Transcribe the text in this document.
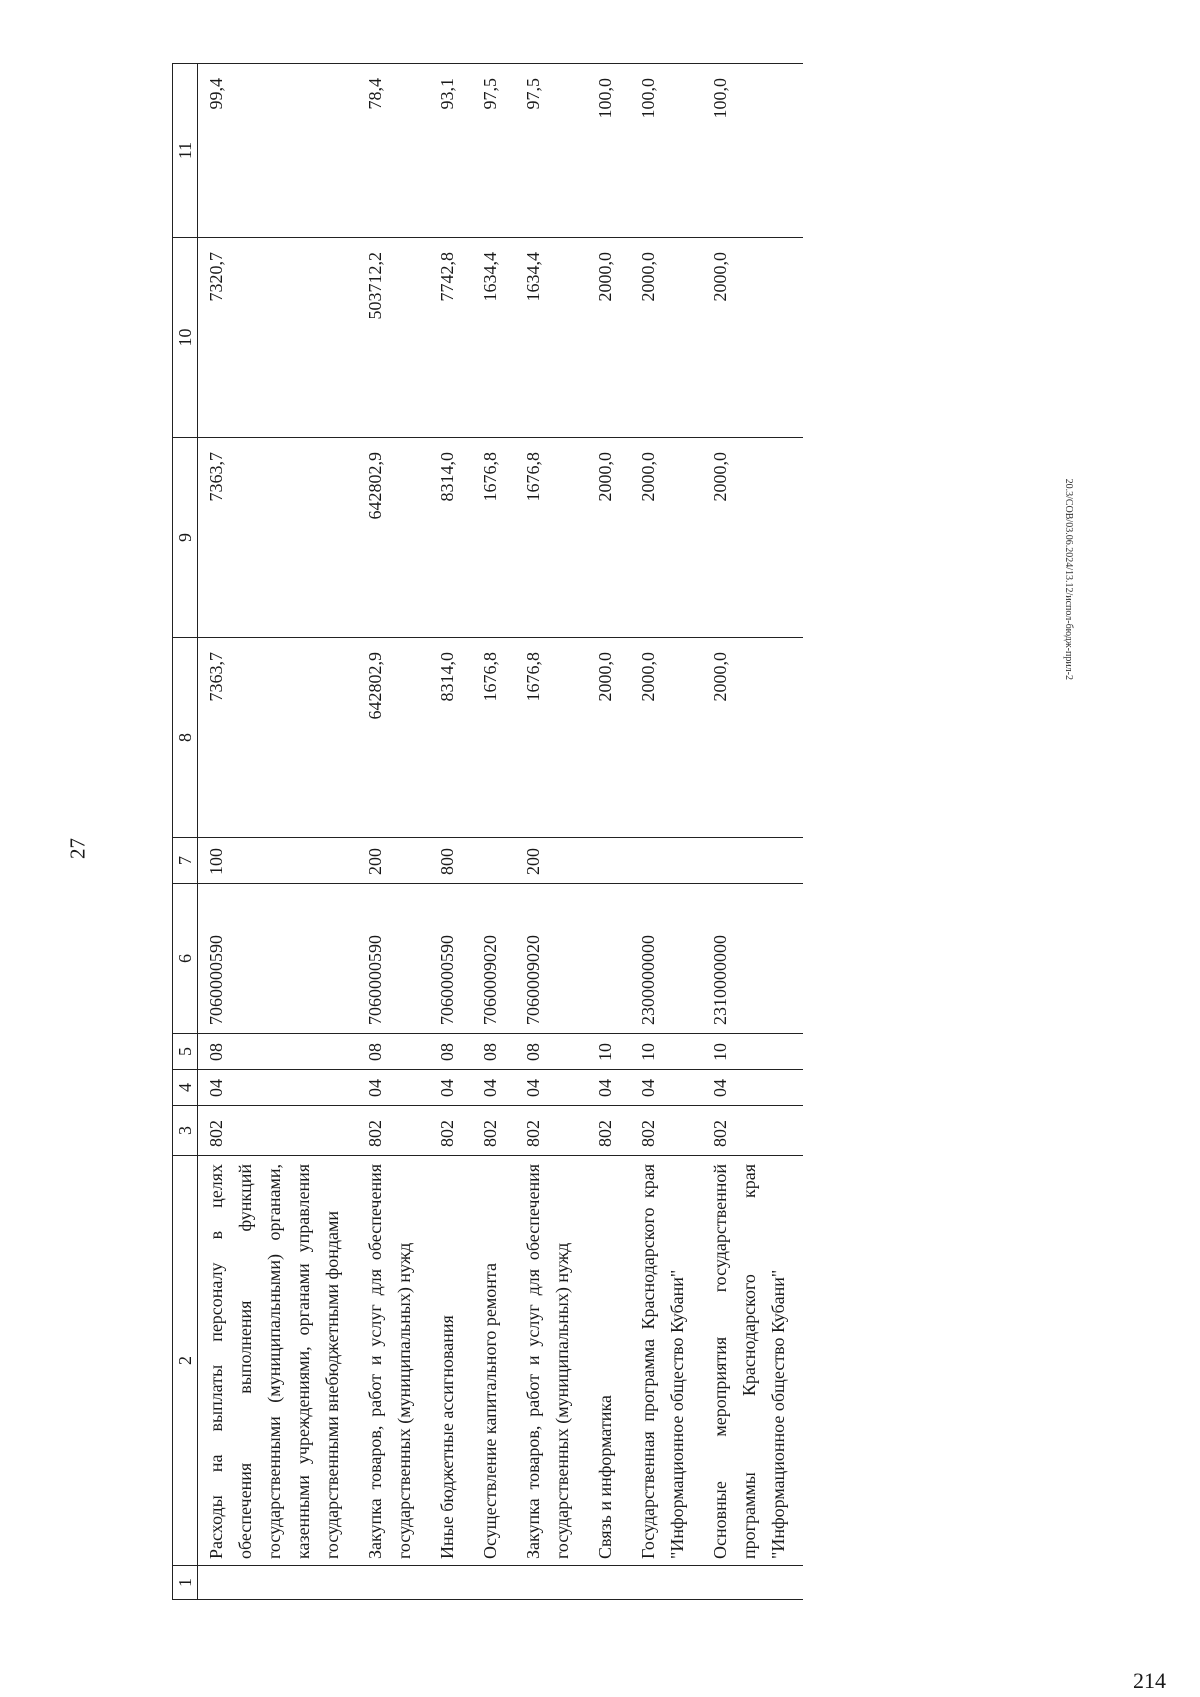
27
20.3/СОВ/03.06.2024/13.12/испол-бюдж-прил-2
214
1	2	3	4	5	6	7	8	9	10	11
	Расходы на выплаты персоналу в целях обеспечения выполнения функций государственными (муниципальными) органами, казенными учреждениями, органами управления государственными внебюджетными фондами	802	04	08	7060000590	100	7363,7	7363,7	7320,7	99,4
	Закупка товаров, работ и услуг для обеспечения государственных (муниципальных) нужд	802	04	08	7060000590	200	642802,9	642802,9	503712,2	78,4
	Иные бюджетные ассигнования	802	04	08	7060000590	800	8314,0	8314,0	7742,8	93,1
	Осуществление капитального ремонта	802	04	08	7060009020		1676,8	1676,8	1634,4	97,5
	Закупка товаров, работ и услуг для обеспечения государственных (муниципальных) нужд	802	04	08	7060009020	200	1676,8	1676,8	1634,4	97,5
	Связь и информатика	802	04	10			2000,0	2000,0	2000,0	100,0
	Государственная программа Краснодарского края "Информационное общество Кубани"	802	04	10	2300000000		2000,0	2000,0	2000,0	100,0
	Основные мероприятия государственной программы Краснодарского края "Информационное общество Кубани"	802	04	10	2310000000		2000,0	2000,0	2000,0	100,0
